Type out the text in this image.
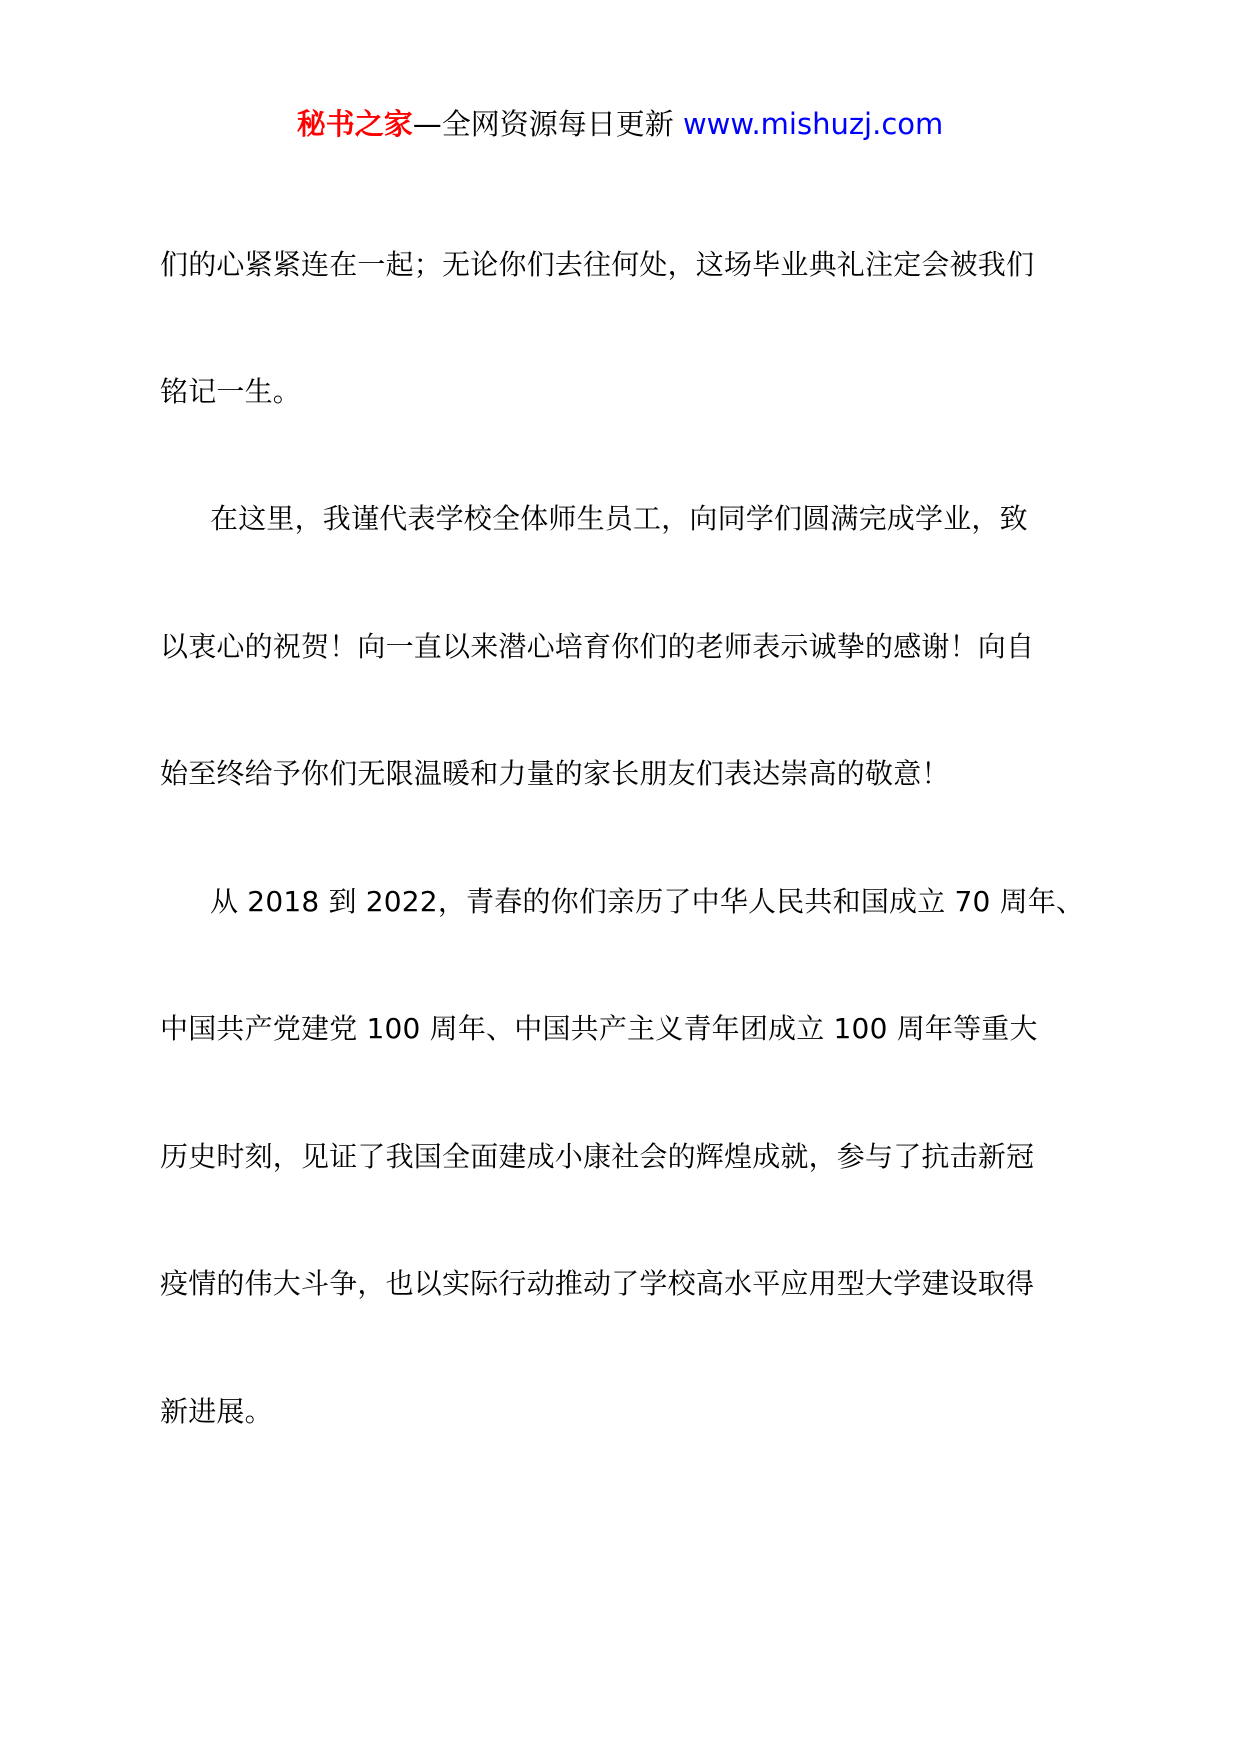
秘书之家—全网资源每日更新 www.mishuzj.com
们的心紧紧连在一起；无论你们去往何处，这场毕业典礼注定会被我们
铭记一生。
在这里，我谨代表学校全体师生员工，向同学们圆满完成学业，致
以衷心的祝贺！向一直以来潜心培育你们的老师表示诚挚的感谢！向自
始至终给予你们无限温暖和力量的家长朋友们表达崇高的敬意！
从 2018 到 2022，青春的你们亲历了中华人民共和国成立 70 周年、
中国共产党建党 100 周年、中国共产主义青年团成立 100 周年等重大
历史时刻，见证了我国全面建成小康社会的辉煌成就，参与了抗击新冠
疫情的伟大斗争，也以实际行动推动了学校高水平应用型大学建设取得
新进展。
